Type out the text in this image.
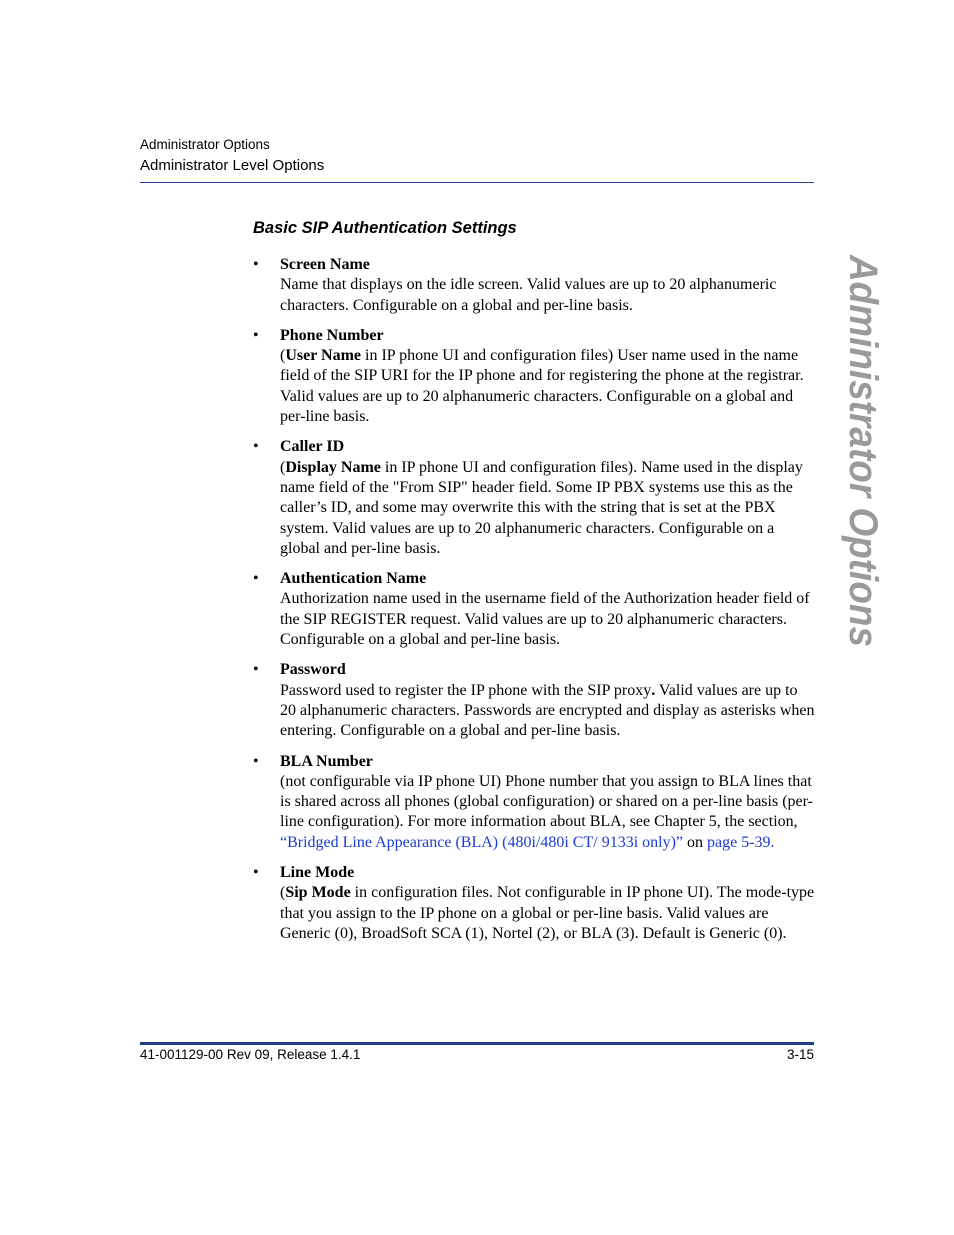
Administrator Options
Administrator Level Options
Administrator Options
Basic SIP Authentication Settings
• Screen Name
Name that displays on the idle screen. Valid values are up to 20 alphanumeric characters. Configurable on a global and per-line basis.
• Phone Number
(User Name in IP phone UI and configuration files) User name used in the name field of the SIP URI for the IP phone and for registering the phone at the registrar. Valid values are up to 20 alphanumeric characters. Configurable on a global and per-line basis.
• Caller ID
(Display Name in IP phone UI and configuration files). Name used in the display name field of the "From SIP" header field. Some IP PBX systems use this as the caller’s ID, and some may overwrite this with the string that is set at the PBX system. Valid values are up to 20 alphanumeric characters. Configurable on a global and per-line basis.
• Authentication Name
Authorization name used in the username field of the Authorization header field of the SIP REGISTER request. Valid values are up to 20 alphanumeric characters. Configurable on a global and per-line basis.
• Password
Password used to register the IP phone with the SIP proxy. Valid values are up to 20 alphanumeric characters. Passwords are encrypted and display as asterisks when entering. Configurable on a global and per-line basis.
• BLA Number
(not configurable via IP phone UI) Phone number that you assign to BLA lines that is shared across all phones (global configuration) or shared on a per-line basis (per-line configuration). For more information about BLA, see Chapter 5, the section, “Bridged Line Appearance (BLA) (480i/480i CT/ 9133i only)” on page 5-39.
• Line Mode
(Sip Mode in configuration files. Not configurable in IP phone UI). The mode-type that you assign to the IP phone on a global or per-line basis. Valid values are Generic (0), BroadSoft SCA (1), Nortel (2), or BLA (3). Default is Generic (0).
41-001129-00 Rev 09, Release 1.4.1	3-15
